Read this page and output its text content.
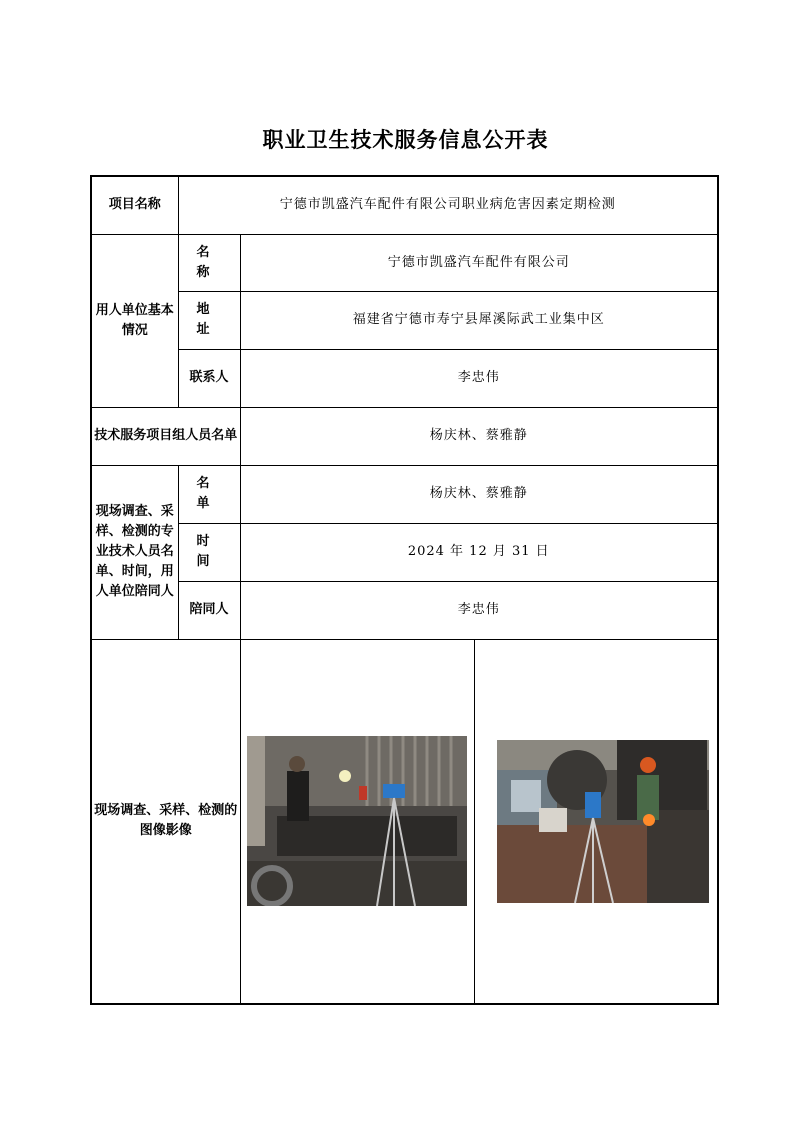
职业卫生技术服务信息公开表
项目名称	宁德市凯盛汽车配件有限公司职业病危害因素定期检测		
用人单位基本情况	名 称	宁德市凯盛汽车配件有限公司	
	地 址	福建省宁德市寿宁县犀溪际武工业集中区	
	联系人	李忠伟	
技术服务项目组人员名单		杨庆林、蔡雅静	
现场调查、采样、检测的专业技术人员名单、时间，用人单位陪同人	名 单	杨庆林、蔡雅静	
	时 间	2024 年 12 月 31 日	
	陪同人	李忠伟	
现场调查、采样、检测的图像影像	
